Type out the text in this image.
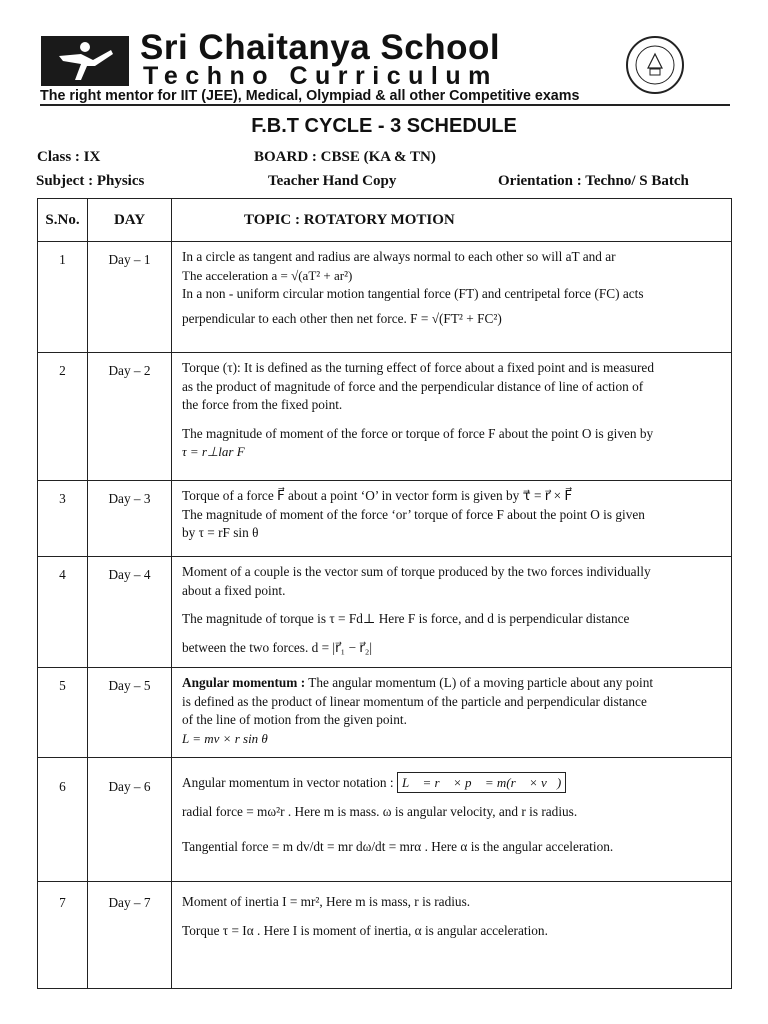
Sri Chaitanya School
Techno Curriculum
The right mentor for IIT (JEE), Medical, Olympiad & all other Competitive exams
F.B.T CYCLE - 3 SCHEDULE
Class : IX	BOARD : CBSE (KA & TN)
Subject : Physics	Teacher Hand Copy	Orientation : Techno/ S Batch
S.No.	DAY	TOPIC : ROTATORY MOTION
1	Day – 1	In a circle as tangent and radius are always normal to each other so will aT and ar
The acceleration a = √(aT² + ar²)
In a non - uniform circular motion tangential force (FT) and centripetal force (FC) acts
perpendicular to each other then net force. F = √(FT² + FC²)

2	Day – 2	Torque (τ): It is defined as the turning effect of force about a fixed point and is measured
as the product of magnitude of force and the perpendicular distance of line of action of
the force from the fixed point.
The magnitude of moment of the force or torque of force F about the point O is given by
τ = r⊥lar F

3	Day – 3	Torque of a force F⃗ about a point ‘O’ in vector form is given by τ⃗ = r⃗ × F⃗
The magnitude of moment of the force ‘or’ torque of force F about the point O is given
by τ = rF sin θ

4	Day – 4	Moment of a couple is the vector sum of torque produced by the two forces individually
about a fixed point.
The magnitude of torque is τ = Fd⊥ Here F is force, and d is perpendicular distance
between the two forces. d = |r⃗₁ − r⃗₂|

5	Day – 5	Angular momentum : The angular momentum (L) of a moving particle about any point
is defined as the product of linear momentum of the particle and perpendicular distance
of the line of motion from the given point.
L = mv × r sin θ

6	Day – 6	Angular momentum in vector notation : L⃗ = r⃗ × p⃗ = m(r⃗ × v⃗)
radial force = mω²r . Here m is mass. ω is angular velocity, and r is radius.
Tangential force = m dv/dt = mr dω/dt = mrα . Here α is the angular acceleration.

7	Day – 7	Moment of inertia I = mr², Here m is mass, r is radius.
Torque τ = Iα . Here I is moment of inertia, α is angular acceleration.
